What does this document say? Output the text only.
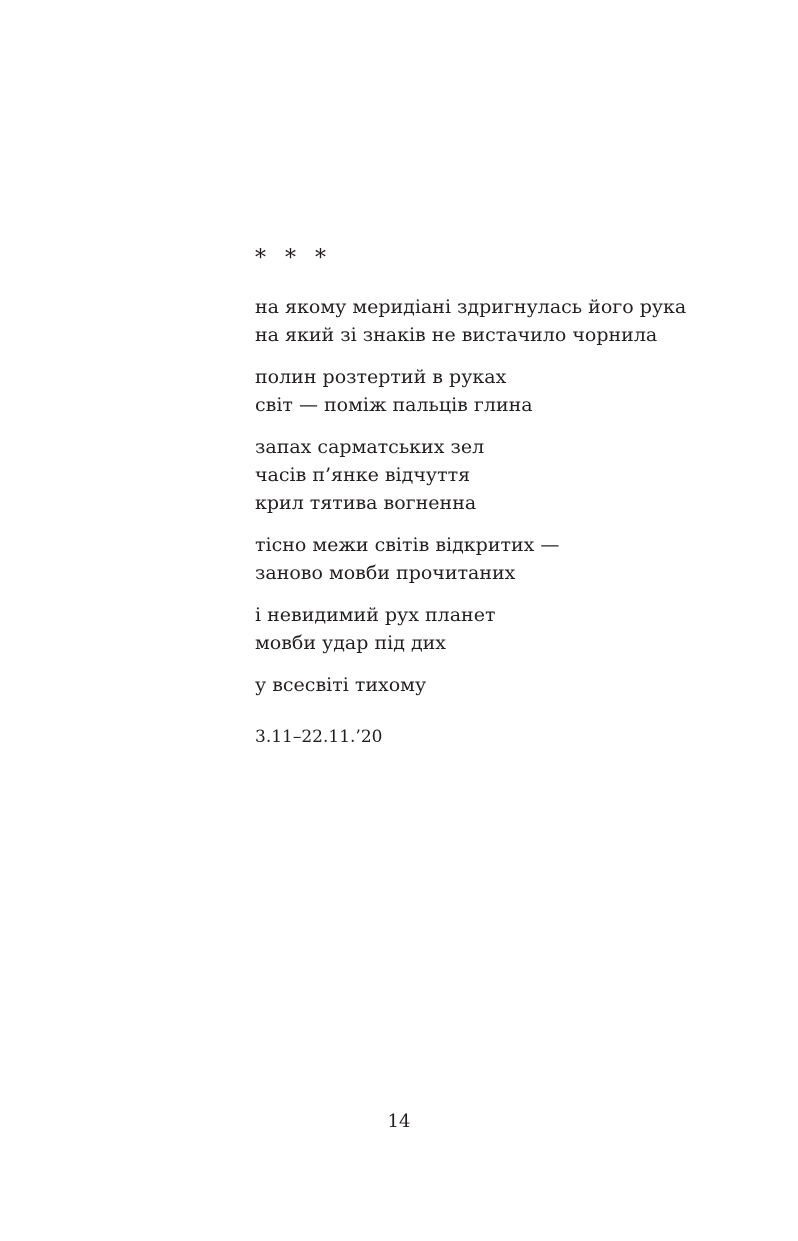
* * *
на якому меридіані здригнулась його рука
на який зі знаків не вистачило чорнила
полин розтертий в руках
світ — поміж пальців глина
запах сарматських зел
часів п’янке відчуття
крил тятива вогненна
тісно межи світів відкритих —
заново мовби прочитаних
і невидимий рух планет
мовби удар під дих
у всесвіті тихому
3.11–22.11.’20
14
